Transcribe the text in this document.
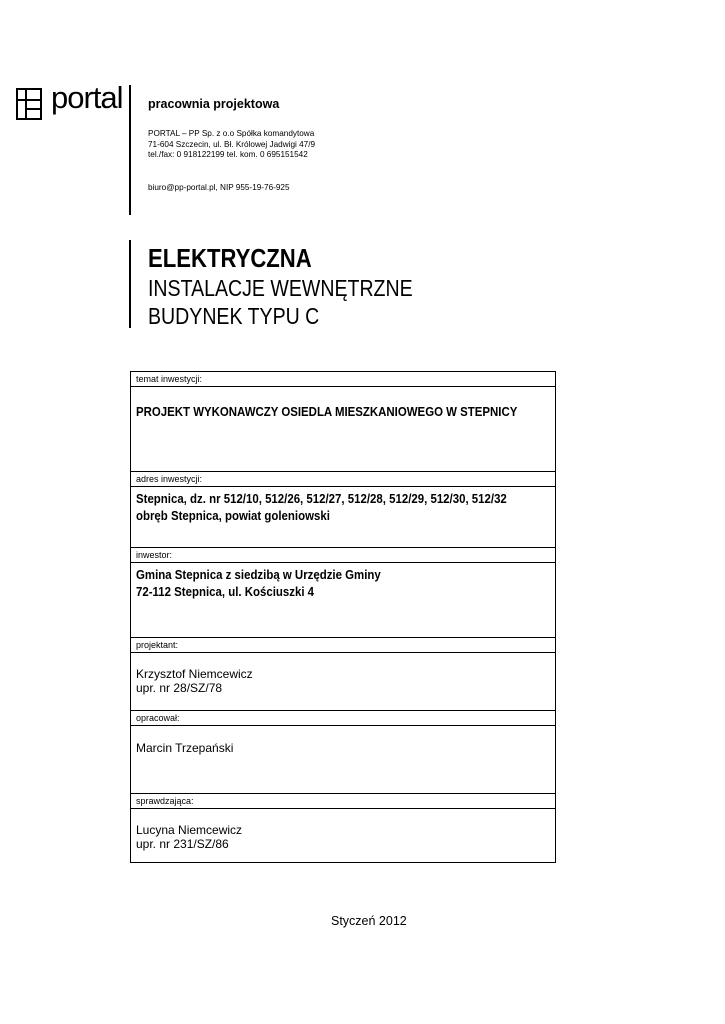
portal pracownia projektowa
PORTAL – PP Sp. z o.o Spółka komandytowa
71-604 Szczecin, ul. Bł. Królowej Jadwigi 47/9
tel./fax: 0 918122199 tel. kom. 0 695151542
biuro@pp-portal.pl, NIP 955-19-76-925
ELEKTRYCZNA
INSTALACJE WEWNĘTRZNE
BUDYNEK TYPU C
temat inwestycji:
PROJEKT WYKONAWCZY OSIEDLA MIESZKANIOWEGO W STEPNICY
adres inwestycji:
Stepnica, dz. nr 512/10, 512/26, 512/27, 512/28, 512/29, 512/30, 512/32
obręb Stepnica, powiat goleniowski
inwestor:
Gmina Stepnica z siedzibą w Urzędzie Gminy
72-112 Stepnica, ul. Kościuszki 4
projektant:
Krzysztof Niemcewicz
upr. nr 28/SZ/78
opracował:
Marcin Trzepański
sprawdzająca:
Lucyna Niemcewicz
upr. nr 231/SZ/86
Styczeń 2012
